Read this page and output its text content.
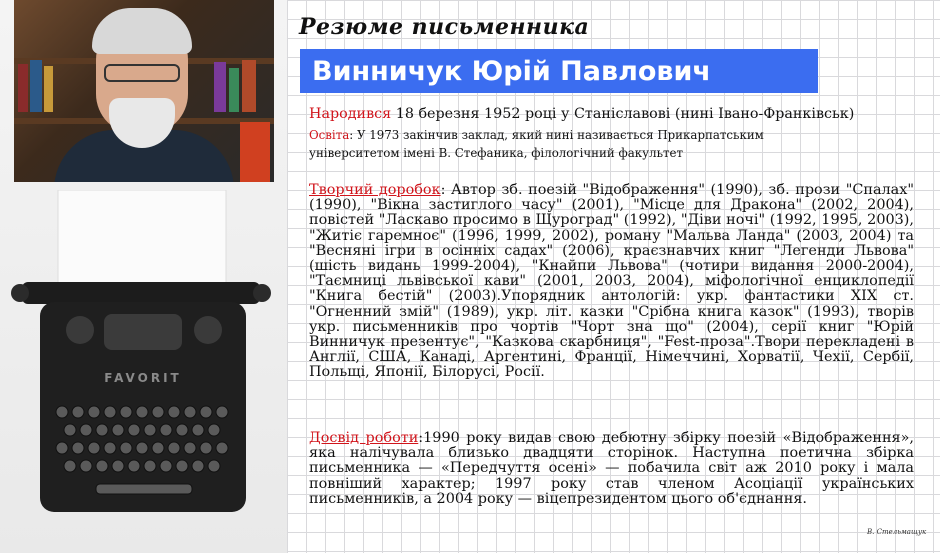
FAVORIT
Резюме письменника
Винничук Юрій Павлович

Народився 18 березня 1952 році у Станіславові (нині Івано-Франківськ)

Освіта: У 1973 закінчив заклад, який нині називається Прикарпатським

університетом імені В. Стефаника, філологічний факультет

Творчий доробок: Автор зб. поезій "Відображення" (1990), зб. прози "Спалах" (1990), "Вікна застиглого часу" (2001), "Місце для Дракона" (2002, 2004), повістей "Ласкаво просимо в Щуроград" (1992), "Діви ночі" (1992, 1995, 2003), "Житіє гаремноє" (1996, 1999, 2002), роману "Мальва Ланда" (2003, 2004) та "Весняні ігри в осінніх садах" (2006), краєзнавчих книг "Легенди Львова" (шість видань 1999-2004), "Кнайпи Львова" (чотири видання 2000-2004), "Таємниці львівської кави" (2001, 2003, 2004), міфологічної енциклопедії "Книга бестій" (2003).Упорядник антологій: укр. фантастики ХІХ ст. "Огненний змій" (1989), укр. літ. казки "Срібна книга казок" (1993), творів укр. письменників про чортів "Чорт зна що" (2004), серії книг "Юрій Винничук презентує", "Казкова скарбниця", "Fest-проза".Твори перекладені в Англії, США, Канаді, Аргентині, Франції, Німеччині, Хорватії, Чехії, Сербії, Польщі, Японії, Білорусі, Росії.

Досвід роботи:1990 року видав свою дебютну збірку поезій «Відображення», яка налічувала близько двадцяти сторінок. Наступна поетична збірка письменника — «Передчуття осені» — побачила світ аж 2010 року і мала повніший характер; 1997 року став членом Асоціації українських письменників, а 2004 року — віцепрезидентом цього об'єднання.

В. Стельмащук
